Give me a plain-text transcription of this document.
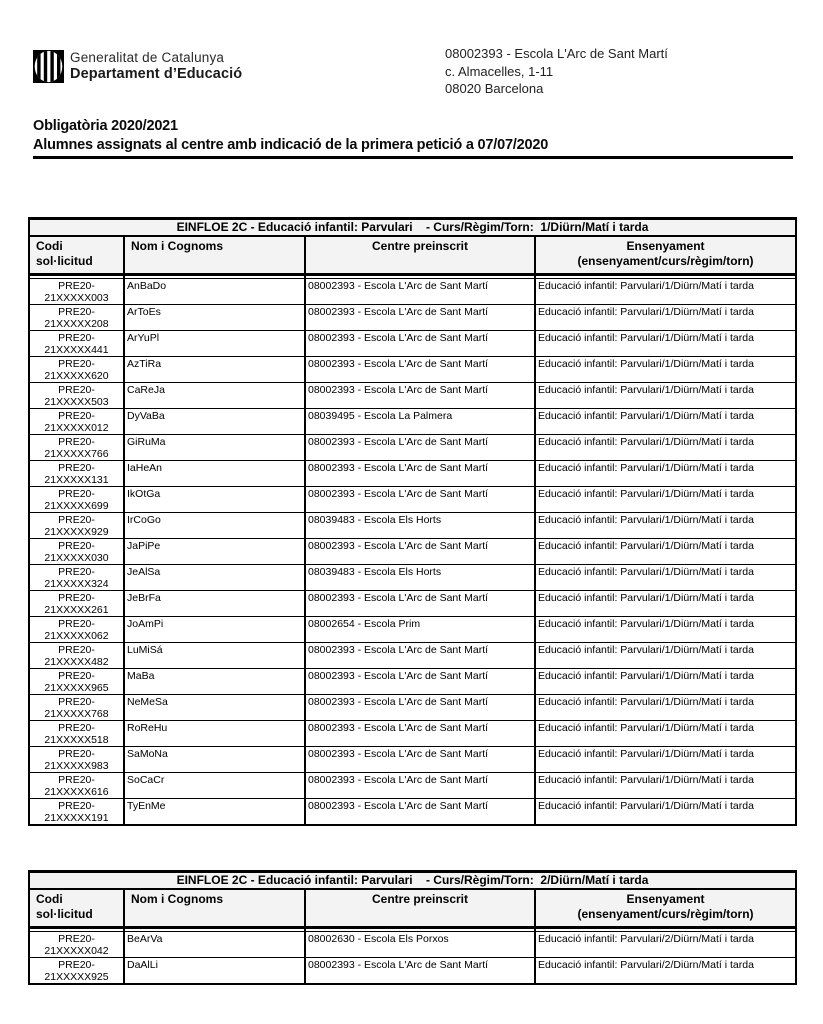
Generalitat de Catalunya
Departament d’Educació
08002393 - Escola L'Arc de Sant Martí
c. Almacelles, 1-11
08020 Barcelona
Obligatòria 2020/2021
Alumnes assignats al centre amb indicació de la primera petició a 07/07/2020
EINFLOE 2C - Educació infantil: Parvulari    - Curs/Règim/Torn:  1/Diürn/Matí i tarda			

Codi
sol·licitud
	Nom i Cognoms	Centre preinscrit	Ensenyament
(ensenyament/curs/règim/torn)

PRE20-
21XXXXX003	AnBaDo	08002393 - Escola L'Arc de Sant Martí	Educació infantil: Parvulari/1/Diürn/Matí i tarda

PRE20-
21XXXXX208	ArToEs	08002393 - Escola L'Arc de Sant Martí	Educació infantil: Parvulari/1/Diürn/Matí i tarda

PRE20-
21XXXXX441	ArYuPl	08002393 - Escola L'Arc de Sant Martí	Educació infantil: Parvulari/1/Diürn/Matí i tarda

PRE20-
21XXXXX620	AzTiRa	08002393 - Escola L'Arc de Sant Martí	Educació infantil: Parvulari/1/Diürn/Matí i tarda

PRE20-
21XXXXX503	CaReJa	08002393 - Escola L'Arc de Sant Martí	Educació infantil: Parvulari/1/Diürn/Matí i tarda

PRE20-
21XXXXX012	DyVaBa	08039495 - Escola La Palmera	Educació infantil: Parvulari/1/Diürn/Matí i tarda

PRE20-
21XXXXX766	GiRuMa	08002393 - Escola L'Arc de Sant Martí	Educació infantil: Parvulari/1/Diürn/Matí i tarda

PRE20-
21XXXXX131	IaHeAn	08002393 - Escola L'Arc de Sant Martí	Educació infantil: Parvulari/1/Diürn/Matí i tarda

PRE20-
21XXXXX699	IkOtGa	08002393 - Escola L'Arc de Sant Martí	Educació infantil: Parvulari/1/Diürn/Matí i tarda

PRE20-
21XXXXX929	IrCoGo	08039483 - Escola Els Horts	Educació infantil: Parvulari/1/Diürn/Matí i tarda

PRE20-
21XXXXX030	JaPiPe	08002393 - Escola L'Arc de Sant Martí	Educació infantil: Parvulari/1/Diürn/Matí i tarda

PRE20-
21XXXXX324	JeAlSa	08039483 - Escola Els Horts	Educació infantil: Parvulari/1/Diürn/Matí i tarda

PRE20-
21XXXXX261	JeBrFa	08002393 - Escola L'Arc de Sant Martí	Educació infantil: Parvulari/1/Diürn/Matí i tarda

PRE20-
21XXXXX062	JoAmPi	08002654 - Escola Prim	Educació infantil: Parvulari/1/Diürn/Matí i tarda

PRE20-
21XXXXX482	LuMiSá	08002393 - Escola L'Arc de Sant Martí	Educació infantil: Parvulari/1/Diürn/Matí i tarda

PRE20-
21XXXXX965	MaBa	08002393 - Escola L'Arc de Sant Martí	Educació infantil: Parvulari/1/Diürn/Matí i tarda

PRE20-
21XXXXX768	NeMeSa	08002393 - Escola L'Arc de Sant Martí	Educació infantil: Parvulari/1/Diürn/Matí i tarda

PRE20-
21XXXXX518	RoReHu	08002393 - Escola L'Arc de Sant Martí	Educació infantil: Parvulari/1/Diürn/Matí i tarda

PRE20-
21XXXXX983	SaMoNa	08002393 - Escola L'Arc de Sant Martí	Educació infantil: Parvulari/1/Diürn/Matí i tarda

PRE20-
21XXXXX616	SoCaCr	08002393 - Escola L'Arc de Sant Martí	Educació infantil: Parvulari/1/Diürn/Matí i tarda

PRE20-
21XXXXX191	TyEnMe	08002393 - Escola L'Arc de Sant Martí	Educació infantil: Parvulari/1/Diürn/Matí i tarda
EINFLOE 2C - Educació infantil: Parvulari    - Curs/Règim/Torn:  2/Diürn/Matí i tarda			

Codi
sol·licitud
	Nom i Cognoms	Centre preinscrit	Ensenyament
(ensenyament/curs/règim/torn)

PRE20-
21XXXXX042	BeArVa	08002630 - Escola Els Porxos	Educació infantil: Parvulari/2/Diürn/Matí i tarda

PRE20-
21XXXXX925	DaAlLi	08002393 - Escola L'Arc de Sant Martí	Educació infantil: Parvulari/2/Diürn/Matí i tarda
